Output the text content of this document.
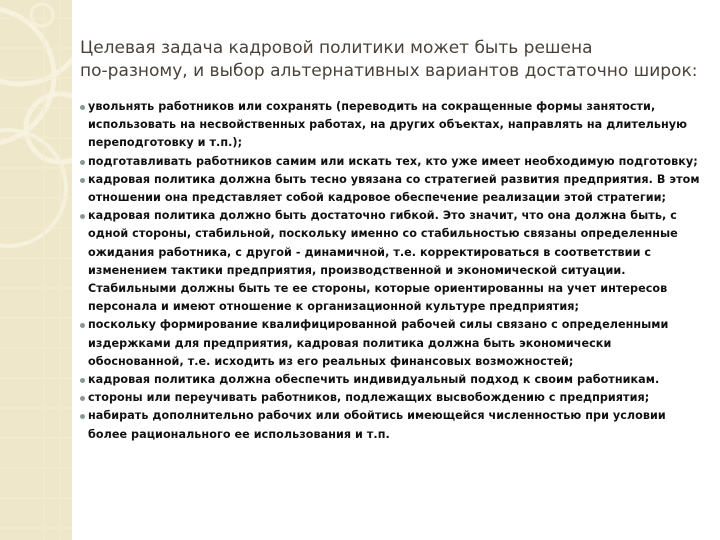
Целевая задача кадровой политики может быть решена
по-разному, и выбор альтернативных вариантов достаточно широк:
увольнять работников или сохранять (переводить на сокращенные формы занятости, использовать на несвойственных работах, на других объектах, направлять на длительную переподготовку и т.п.);
подготавливать работников самим или искать тех, кто уже имеет необходимую подготовку;
кадровая политика должна быть тесно увязана со стратегией развития предприятия. В этом отношении она представляет собой кадровое обеспечение реализации этой стратегии;
кадровая политика должно быть достаточно гибкой. Это значит, что она должна быть, с одной стороны, стабильной, поскольку именно со стабильностью связаны определенные ожидания работника, с другой - динамичной, т.е. корректироваться в соответствии с изменением тактики предприятия, производственной и экономической ситуации. Стабильными должны быть те ее стороны, которые ориентированны на учет интересов персонала и имеют отношение к организационной культуре предприятия;
поскольку формирование квалифицированной рабочей силы связано с определенными издержками для предприятия, кадровая политика должна быть экономически обоснованной, т.е. исходить из его реальных финансовых возможностей;
кадровая политика должна обеспечить индивидуальный подход к своим работникам.
стороны или переучивать работников, подлежащих высвобождению с предприятия;
набирать дополнительно рабочих или обойтись имеющейся численностью при условии более рационального ее использования и т.п.
